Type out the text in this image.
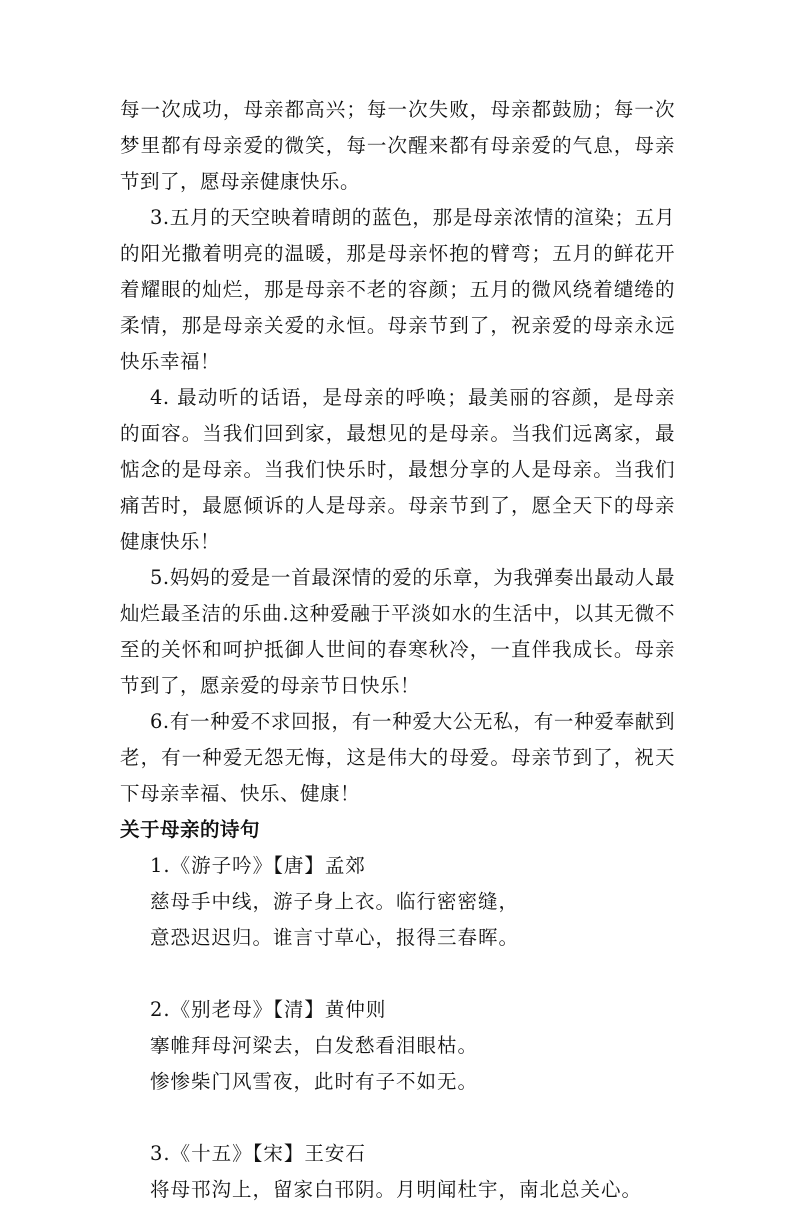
每一次成功，母亲都高兴；每一次失败，母亲都鼓励；每一次梦里都有母亲爱的微笑，每一次醒来都有母亲爱的气息，母亲节到了，愿母亲健康快乐。

3.五月的天空映着晴朗的蓝色，那是母亲浓情的渲染；五月的阳光撒着明亮的温暖，那是母亲怀抱的臂弯；五月的鲜花开着耀眼的灿烂，那是母亲不老的容颜；五月的微风绕着缱绻的柔情，那是母亲关爱的永恒。母亲节到了，祝亲爱的母亲永远快乐幸福！

4. 最动听的话语，是母亲的呼唤；最美丽的容颜，是母亲的面容。当我们回到家，最想见的是母亲。当我们远离家，最惦念的是母亲。当我们快乐时，最想分享的人是母亲。当我们痛苦时，最愿倾诉的人是母亲。母亲节到了，愿全天下的母亲健康快乐！

5.妈妈的爱是一首最深情的爱的乐章，为我弹奏出最动人最灿烂最圣洁的乐曲.这种爱融于平淡如水的生活中，以其无微不至的关怀和呵护抵御人世间的春寒秋冷，一直伴我成长。母亲节到了，愿亲爱的母亲节日快乐！

6.有一种爱不求回报，有一种爱大公无私，有一种爱奉献到老，有一种爱无怨无悔，这是伟大的母爱。母亲节到了，祝天下母亲幸福、快乐、健康！

关于母亲的诗句

1.《游子吟》【唐】孟郊

慈母手中线，游子身上衣。临行密密缝，

意恐迟迟归。谁言寸草心，报得三春晖。

2.《别老母》【清】黄仲则

搴帷拜母河梁去，白发愁看泪眼枯。

惨惨柴门风雪夜，此时有子不如无。

3.《十五》【宋】王安石

将母邗沟上，留家白邗阴。月明闻杜宇，南北总关心。
